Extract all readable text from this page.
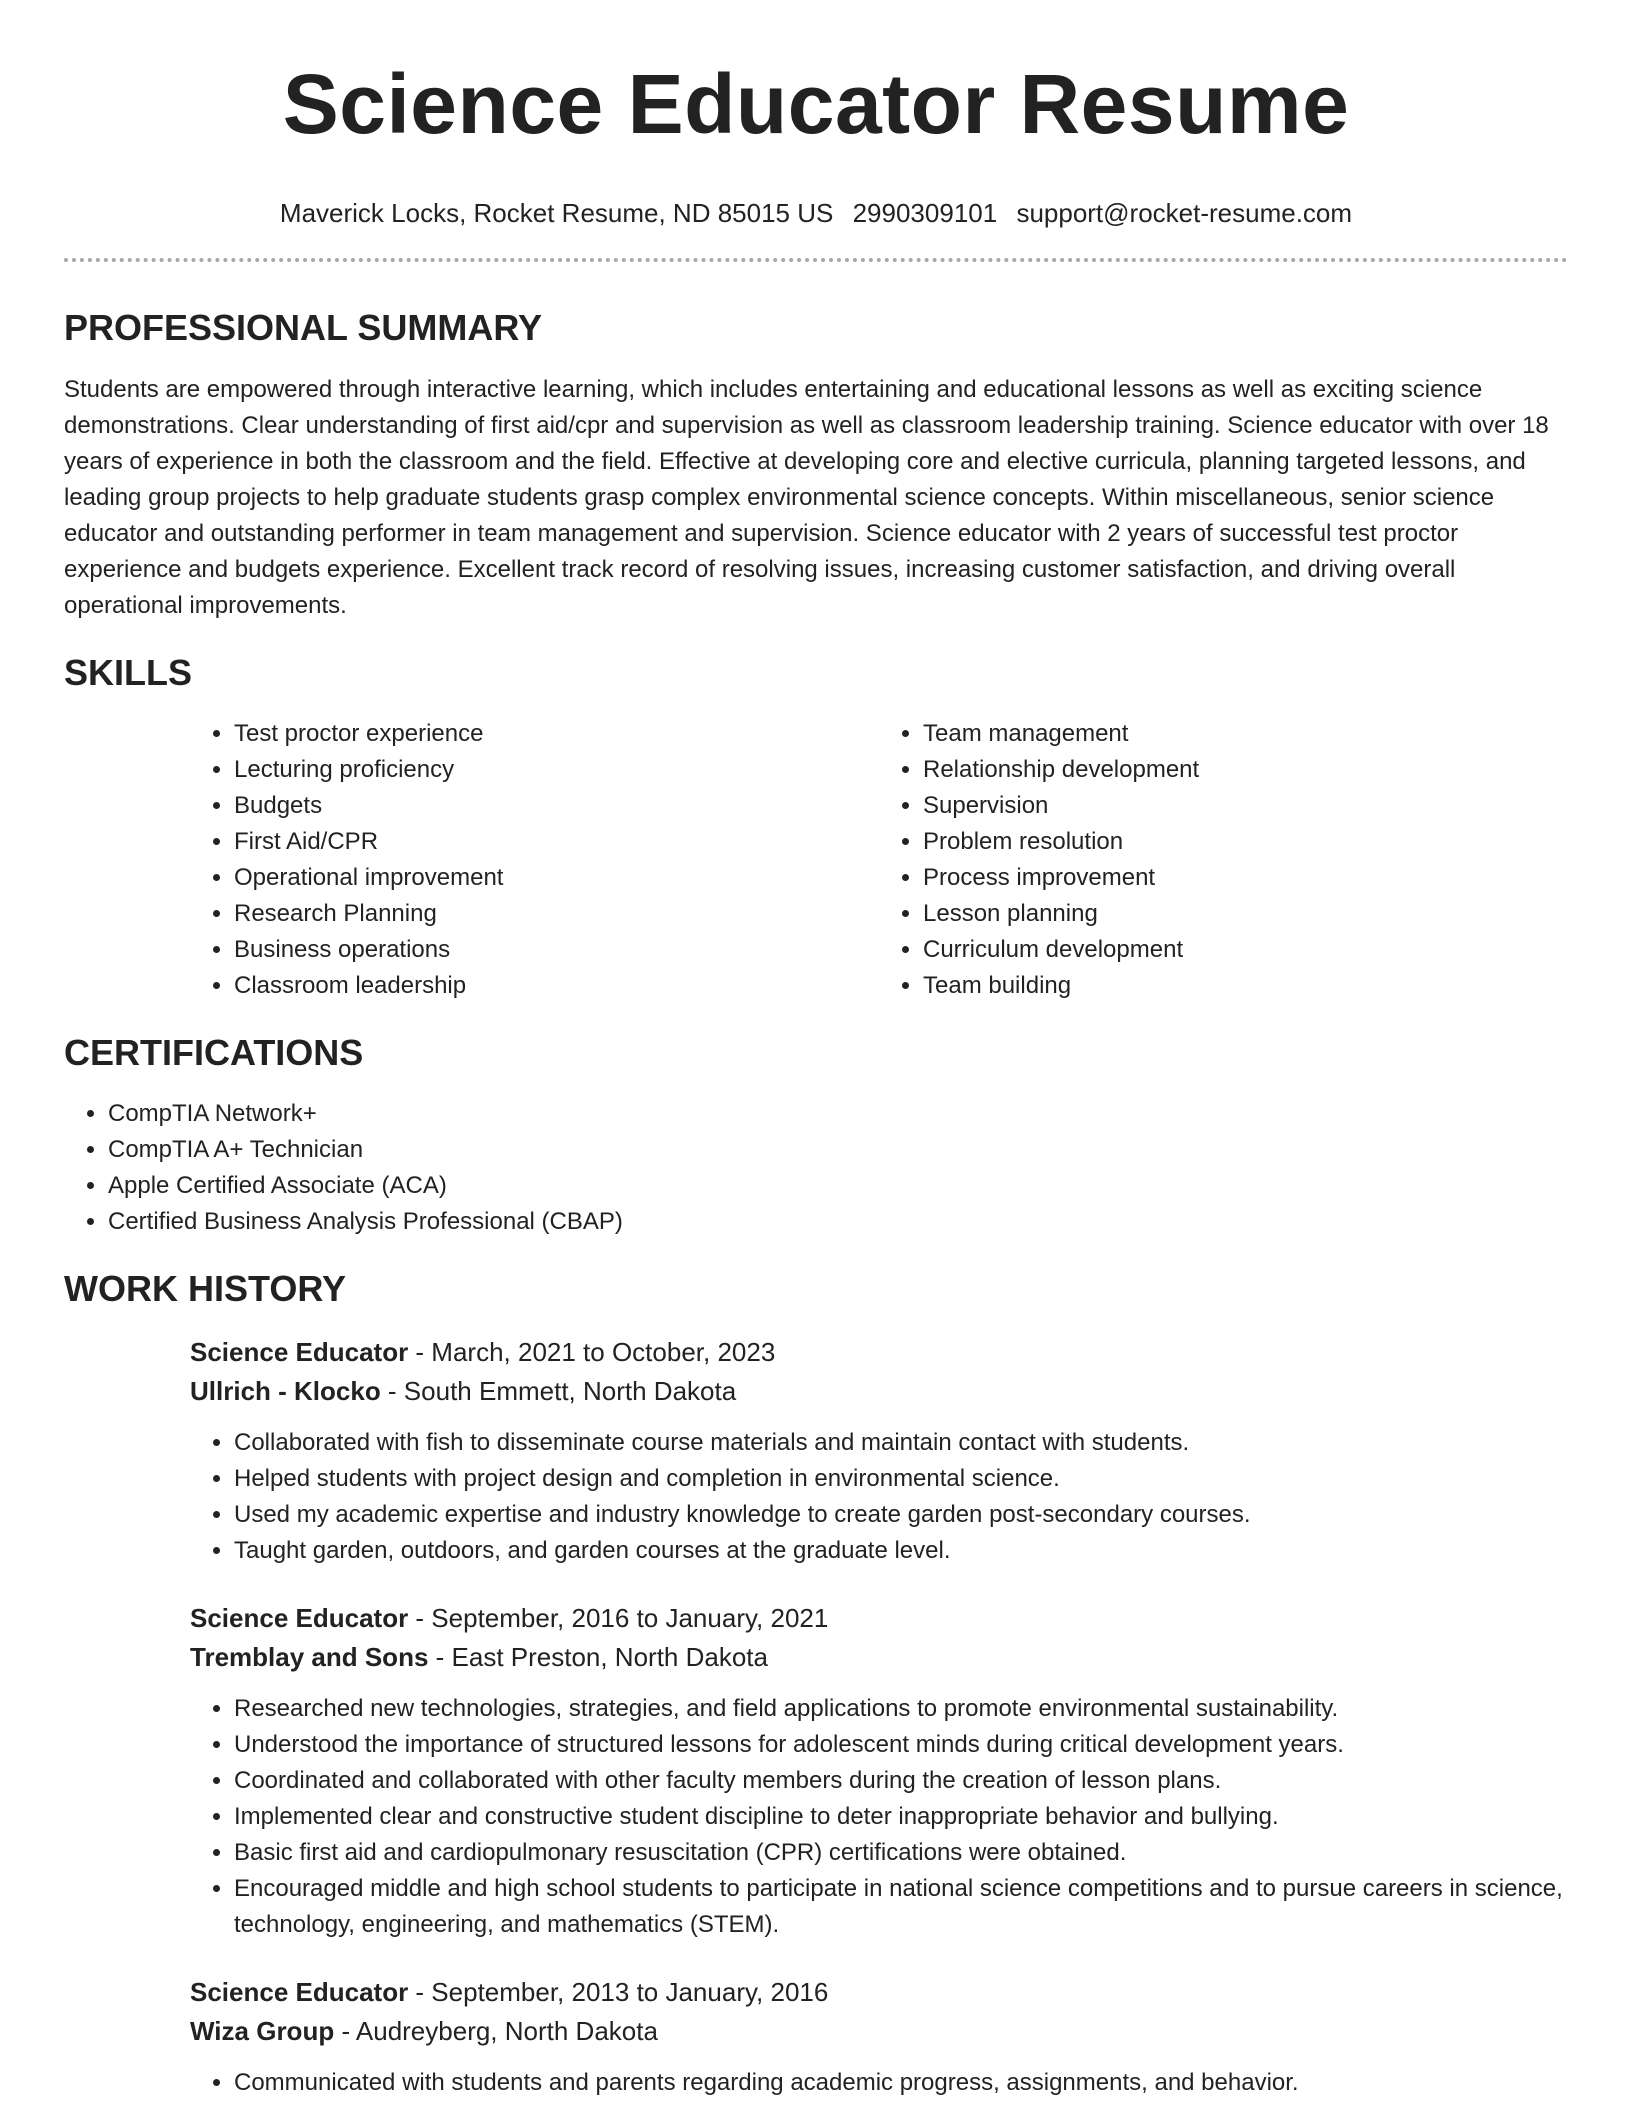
Science Educator Resume
Maverick Locks, Rocket Resume, ND 85015 US 2990309101 support@rocket-resume.com
PROFESSIONAL SUMMARY

Students are empowered through interactive learning, which includes entertaining and educational lessons as well as exciting science demonstrations. Clear understanding of first aid/cpr and supervision as well as classroom leadership training. Science educator with over 18 years of experience in both the classroom and the field. Effective at developing core and elective curricula, planning targeted lessons, and leading group projects to help graduate students grasp complex environmental science concepts. Within miscellaneous, senior science educator and outstanding performer in team management and supervision. Science educator with 2 years of successful test proctor experience and budgets experience. Excellent track record of resolving issues, increasing customer satisfaction, and driving overall operational improvements.

SKILLS
• Test proctor experience
• Lecturing proficiency
• Budgets
• First Aid/CPR
• Operational improvement
• Research Planning
• Business operations
• Classroom leadership
• Team management
• Relationship development
• Supervision
• Problem resolution
• Process improvement
• Lesson planning
• Curriculum development
• Team building
CERTIFICATIONS
• CompTIA Network+
• CompTIA A+ Technician
• Apple Certified Associate (ACA)
• Certified Business Analysis Professional (CBAP)
WORK HISTORY
Science Educator - March, 2021 to October, 2023
Ullrich - Klocko - South Emmett, North Dakota
• Collaborated with fish to disseminate course materials and maintain contact with students.
• Helped students with project design and completion in environmental science.
• Used my academic expertise and industry knowledge to create garden post-secondary courses.
• Taught garden, outdoors, and garden courses at the graduate level.
Science Educator - September, 2016 to January, 2021
Tremblay and Sons - East Preston, North Dakota
• Researched new technologies, strategies, and field applications to promote environmental sustainability.
• Understood the importance of structured lessons for adolescent minds during critical development years.
• Coordinated and collaborated with other faculty members during the creation of lesson plans.
• Implemented clear and constructive student discipline to deter inappropriate behavior and bullying.
• Basic first aid and cardiopulmonary resuscitation (CPR) certifications were obtained.
• Encouraged middle and high school students to participate in national science competitions and to pursue careers in science, technology, engineering, and mathematics (STEM).
Science Educator - September, 2013 to January, 2016
Wiza Group - Audreyberg, North Dakota
• Communicated with students and parents regarding academic progress, assignments, and behavior.
